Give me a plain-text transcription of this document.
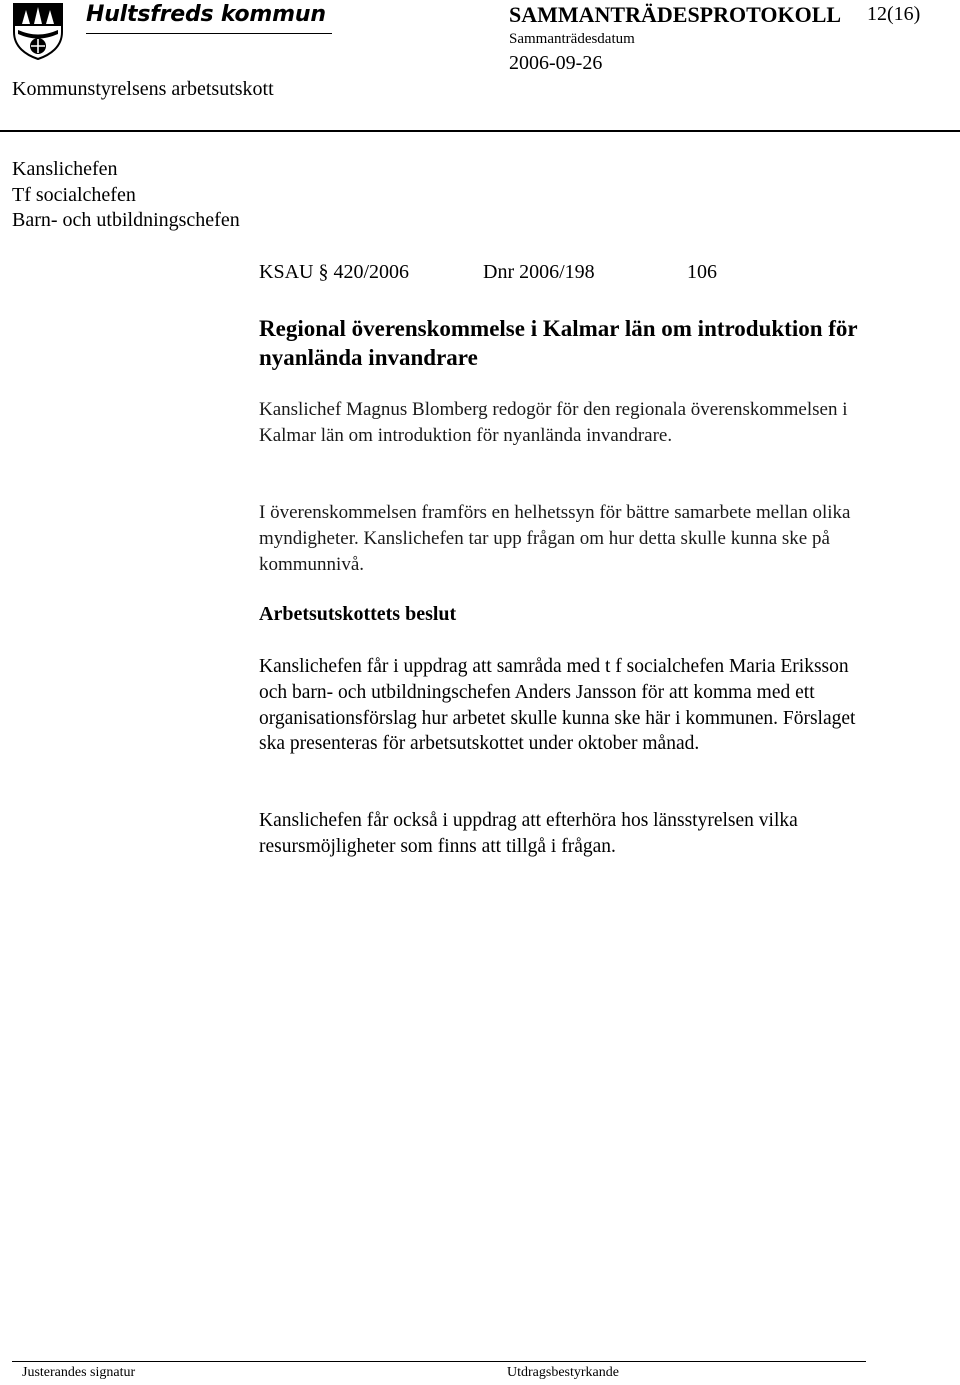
Hultsfreds kommun	SAMMANTRÄDESPROTOKOLL 12(16)
Sammanträdesdatum
2006-09-26
Kommunstyrelsens arbetsutskott
Kanslichefen
Tf socialchefen
Barn- och utbildningschefen
KSAU § 420/2006	Dnr 2006/198	106
Regional överenskommelse i Kalmar län om introduktion för nyanlända invandrare
Kanslichef Magnus Blomberg redogör för den regionala överenskommelsen i Kalmar län om introduktion för nyanlända invandrare.
I överenskommelsen framförs en helhetssyn för bättre samarbete mellan olika myndigheter. Kanslichefen tar upp frågan om hur detta skulle kunna ske på kommunnivå.
Arbetsutskottets beslut
Kanslichefen får i uppdrag att samråda med t f socialchefen Maria Eriksson och barn- och utbildningschefen Anders Jansson för att komma med ett organisationsförslag hur arbetet skulle kunna ske här i kommunen. Förslaget ska presenteras för arbetsutskottet under oktober månad.
Kanslichefen får också i uppdrag att efterhöra hos länsstyrelsen vilka resursmöjligheter som finns att tillgå i frågan.
Justerandes signatur	Utdragsbestyrkande
